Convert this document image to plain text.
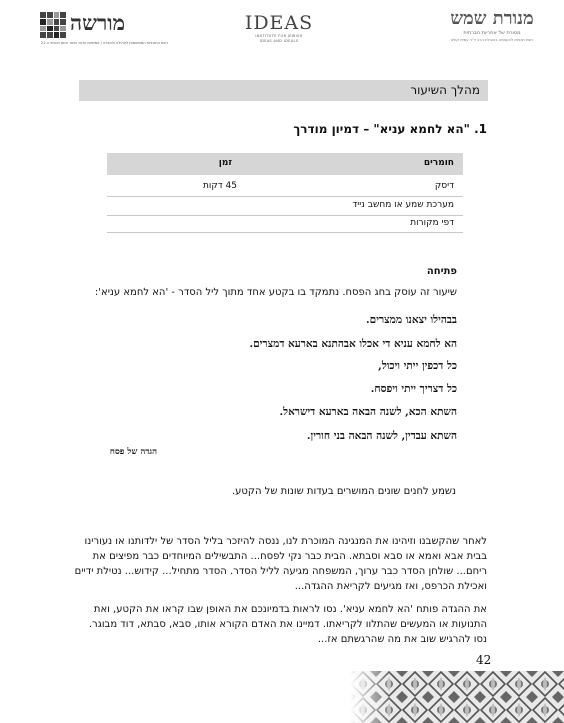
מורשה
רשת התוכניות המותאמות לקהילה ולחברה / אמיתיות הדוור ואזור הזמן הנוכחי ה-21
IDEAS
INSTITUTE FOR JEWISH
IDEAS AND IDEALS
מנורת שמש
מסורת של אחריות חברתית
רשת תכניות להעצמה בהובלת הרב ד"ר עמית קולא
מהלך השיעור
1. "הא לחמא עניא" – דמיון מודרך
חומרים
זמן
דיסק
45 דקות
מערכת שמע או מחשב נייד
דפי מקורות
פתיחה
שיעור זה עוסק בחג הפסח. נתמקד בו בקטע אחד מתוך ליל הסדר - 'הא לחמא עניא':
בבהילו יצאנו ממצרים.
הא לחמא עניא די אכלו אבהתנא בארעא דמצרים.
כל דכפין ייתי ויכול,
כל דצריך ייתי ויפסח.
השתא הכא, לשנה הבאה בארעא דישראל.
השתא עבדין, לשנה הבאה בני חורין.
הגדה של פסח
נשמע לחנים שונים המושרים בעדות שונות של הקטע.
לאחר שהקשבנו וזיהינו את המנגינה המוכרת לנו, ננסה להיזכר בליל הסדר של ילדותנו או נעורינו
בבית אבא ואמא או סבא וסבתא. הבית כבר נקי לפסח... התבשילים המיוחדים כבר מפיצים את
ריחם... שולחן הסדר כבר ערוך, המשפחה מגיעה לליל הסדר. הסדר מתחיל... קידוש... נטילת ידיים
ואכילת הכרפס, ואז מגיעים לקריאת ההגדה...
את ההגדה פותח 'הא לחמא עניא'. נסו לראות בדמיונכם את האופן שבו קראו את הקטע, ואת
התנועות או המעשים שהתלוו לקריאתו. דמיינו את האדם הקורא אותו, סבא, סבתא, דוד מבוגר.
נסו להרגיש שוב את מה שהרגשתם אז...
42
